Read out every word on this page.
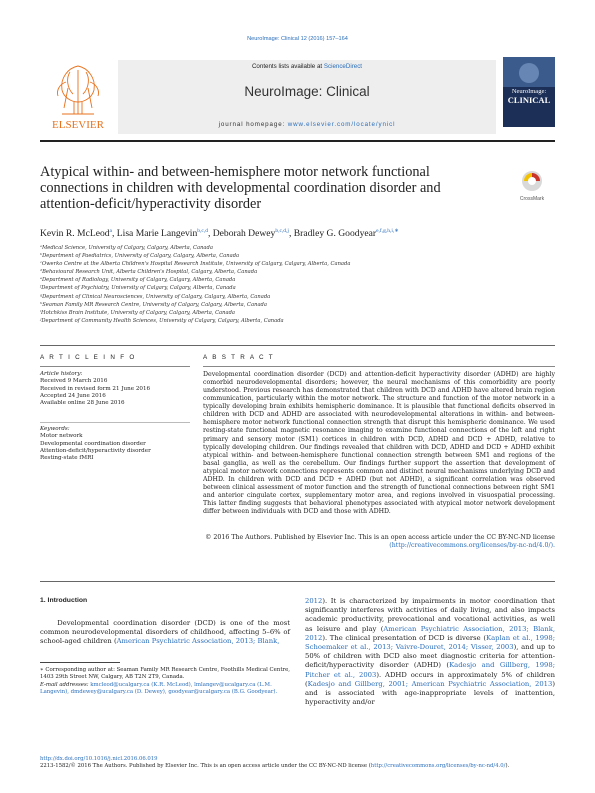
NeuroImage: Clinical 12 (2016) 157–164
ELSEVIER
Contents lists available at ScienceDirect
NeuroImage: Clinical
journal homepage: www.elsevier.com/locate/ynicl
NeuroImage:
CLINICAL
Atypical within- and between-hemisphere motor network functional connections in children with developmental coordination disorder and attention-deficit/hyperactivity disorder	CrossMark
Kevin R. McLeod$^a$, Lisa Marie Langevin$^{b,c,d}$, Deborah Dewey$^{b,c,d,j}$, Bradley G. Goodyear$^{e,f,g,h,i,∗}$
ᵃMedical Science, University of Calgary, Calgary, Alberta, Canada
ᵇDepartment of Paediatrics, University of Calgary, Calgary, Alberta, Canada
ᶜOwerko Centre at the Alberta Children's Hospital Research Institute, University of Calgary, Calgary, Alberta, Canada
ᵈBehavioural Research Unit, Alberta Children's Hospital, Calgary, Alberta, Canada
ᵉDepartment of Radiology, University of Calgary, Calgary, Alberta, Canada
ᶠDepartment of Psychiatry, University of Calgary, Calgary, Alberta, Canada
ᵍDepartment of Clinical Neurosciences, University of Calgary, Calgary, Alberta, Canada
ʰSeaman Family MR Research Centre, University of Calgary, Calgary, Alberta, Canada
ⁱHotchkiss Brain Institute, University of Calgary, Calgary, Alberta, Canada
ʲDepartment of Community Health Sciences, University of Calgary, Calgary, Alberta, Canada
A R T I C L E I N F O	A B S T R A C T
Article history:
Received 9 March 2016
Received in revised form 21 June 2016
Accepted 24 June 2016
Available online 28 June 2016
Keywords:
Motor network
Developmental coordination disorder
Attention-deficit/hyperactivity disorder
Resting-state fMRI
Developmental coordination disorder (DCD) and attention-deficit hyperactivity disorder (ADHD) are highly comorbid neurodevelopmental disorders; however, the neural mechanisms of this comorbidity are poorly understood. Previous research has demonstrated that children with DCD and ADHD have altered brain region communication, particularly within the motor network. The structure and function of the motor network in a typically developing brain exhibits hemispheric dominance. It is plausible that functional deficits observed in children with DCD and ADHD are associated with neurodevelopmental alterations in within- and between-hemisphere motor network functional connection strength that disrupt this hemispheric dominance. We used resting-state functional magnetic resonance imaging to examine functional connections of the left and right primary and sensory motor (SM1) cortices in children with DCD, ADHD and DCD + ADHD, relative to typically developing children. Our findings revealed that children with DCD, ADHD and DCD + ADHD exhibit atypical within- and between-hemisphere functional connection strength between SM1 and regions of the basal ganglia, as well as the cerebellum. Our findings further support the assertion that development of atypical motor network connections represents common and distinct neural mechanisms underlying DCD and ADHD. In children with DCD and DCD + ADHD (but not ADHD), a significant correlation was observed between clinical assessment of motor function and the strength of functional connections between right SM1 and anterior cingulate cortex, supplementary motor area, and regions involved in visuospatial processing. This latter finding suggests that behavioral phenotypes associated with atypical motor network development differ between individuals with DCD and those with ADHD.
© 2016 The Authors. Published by Elsevier Inc. This is an open access article under the CC BY-NC-ND license
(http://creativecommons.org/licenses/by-nc-nd/4.0/).
1. Introduction
Developmental coordination disorder (DCD) is one of the most common neurodevelopmental disorders of childhood, affecting 5–6% of school-aged children (American Psychiatric Association, 2013; Blank,
2012). It is characterized by impairments in motor coordination that significantly interferes with activities of daily living, and also impacts academic productivity, prevocational and vocational activities, as well as leisure and play (American Psychiatric Association, 2013; Blank, 2012). The clinical presentation of DCD is diverse (Kaplan et al., 1998; Schoemaker et al., 2013; Vaivre-Douret, 2014; Visser, 2003), and up to 50% of children with DCD also meet diagnostic criteria for attention-deficit/hyperactivity disorder (ADHD) (Kadesjo and Gillberg, 1998; Pitcher et al., 2003). ADHD occurs in approximately 5% of children (Kadesjo and Gillberg, 2001; American Psychiatric Association, 2013) and is associated with age-inappropriate levels of inattention, hyperactivity and/or
∗ Corresponding author at: Seaman Family MR Research Centre, Foothills Medical Centre, 1403 29th Street NW, Calgary, AB T2N 2T9, Canada.
E-mail addresses: kmcleod@ucalgary.ca (K.R. McLeod), lmlangev@ucalgary.ca (L.M. Langevin), dmdewey@ucalgary.ca (D. Dewey), goodyear@ucalgary.ca (B.G. Goodyear).
http://dx.doi.org/10.1016/j.nicl.2016.06.019
2213-1582/© 2016 The Authors. Published by Elsevier Inc. This is an open access article under the CC BY-NC-ND license (http://creativecommons.org/licenses/by-nc-nd/4.0/).
